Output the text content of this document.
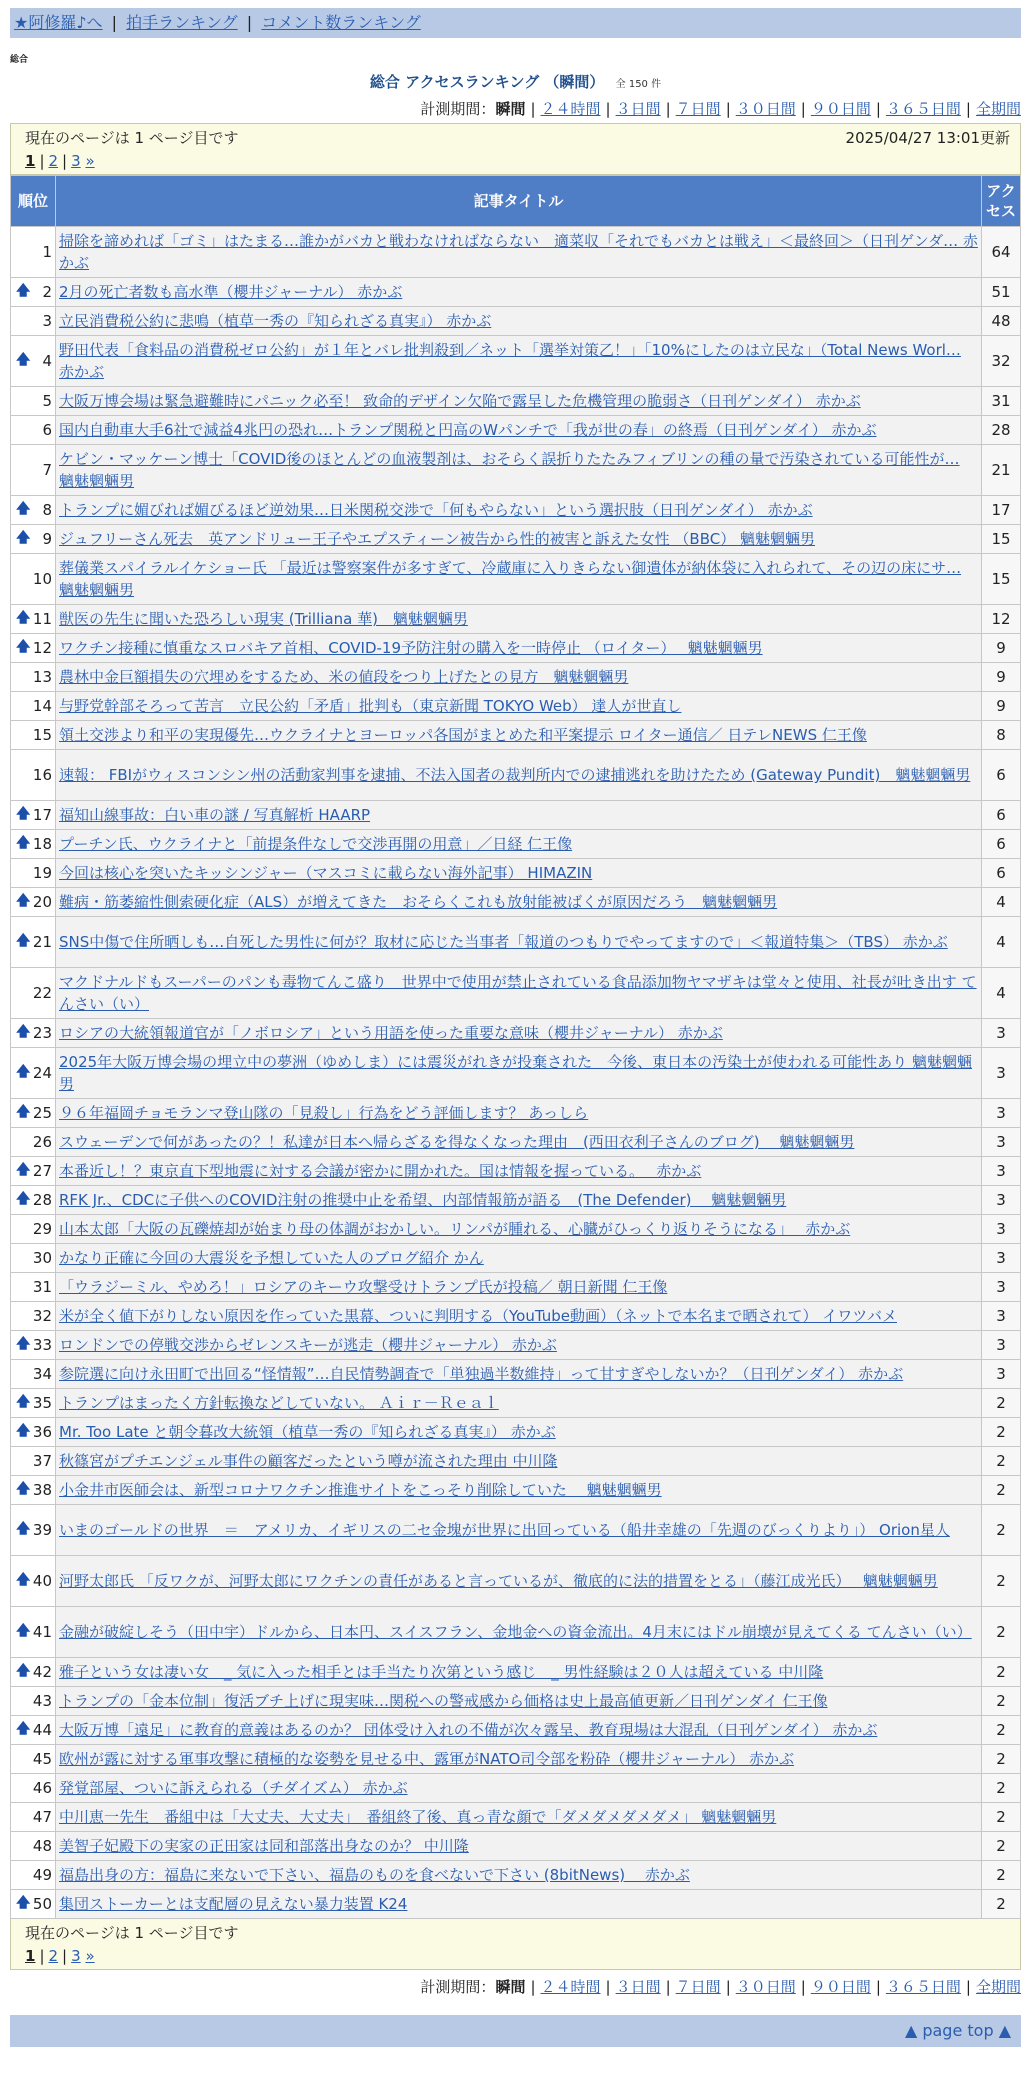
★阿修羅♪へ | 拍手ランキング | コメント数ランキング
総合
総合 アクセスランキング （瞬間） 全 150 件
計測期間：瞬間 | ２４時間 | ３日間 | ７日間 | ３０日間 | ９０日間 | ３６５日間 | 全期間
現在のページは 1 ページ目です	2025/04/27 13:01更新
1 | 2 | 3 »
順位	記事タイトル	アクセス
1	掃除を諦めれば「ゴミ」はたまる…誰かがバカと戦わなければならない　適菜収「それでもバカとは戦え」＜最終回＞（日刊ゲンダ… 赤かぶ	64

🡅 2	2月の死亡者数も高水準（櫻井ジャーナル） 赤かぶ	51
3	立民消費税公約に悲鳴（植草一秀の『知られざる真実』） 赤かぶ	48

🡅 4	野田代表「食料品の消費税ゼロ公約」が１年とバレ批判殺到／ネット「選挙対策乙！」「10%にしたのは立民な」（Total News Worl… 赤かぶ	32
5	大阪万博会場は緊急避難時にパニック必至！ 致命的デザイン欠陥で露呈した危機管理の脆弱さ（日刊ゲンダイ） 赤かぶ	31
6	国内自動車大手6社で減益4兆円の恐れ…トランプ関税と円高のWパンチで「我が世の春」の終焉（日刊ゲンダイ） 赤かぶ	28
7	ケビン・マッケーン博士「COVID後のほとんどの血液製剤は、おそらく誤折りたたみフィブリンの種の量で汚染されている可能性が… 魑魅魍魎男	21

🡅 8	トランプに媚びれば媚びるほど逆効果…日米関税交渉で「何もやらない」という選択肢（日刊ゲンダイ） 赤かぶ	17

🡅 9	ジュフリーさん死去　英アンドリュー王子やエプスティーン被告から性的被害と訴えた女性 （BBC） 魑魅魍魎男	15
10	葬儀業スパイラルイケショー氏 「最近は警察案件が多すぎて、冷蔵庫に入りきらない御遺体が納体袋に入れられて、その辺の床にサ… 魑魅魍魎男	15

🡅 11	獣医の先生に聞いた恐ろしい現実 (Trilliana 華)　魑魅魍魎男	12

🡅 12	ワクチン接種に慎重なスロバキア首相、COVID-19予防注射の購入を一時停止 （ロイター）　 魑魅魍魎男	9
13	農林中金巨額損失の穴埋めをするため、米の値段をつり上げたとの見方　魑魅魍魎男	9
14	与野党幹部そろって苦言　立民公約「矛盾」批判も（東京新聞 TOKYO Web） 達人が世直し	9
15	領土交渉より和平の実現優先…ウクライナとヨーロッパ各国がまとめた和平案提示 ロイター通信／ 日テレNEWS 仁王像	8
16	速報： FBIがウィスコンシン州の活動家判事を逮捕、不法入国者の裁判所内での逮捕逃れを助けたため (Gateway Pundit)　魑魅魍魎男	6

🡅 17	福知山線事故：白い車の謎 / 写真解析 HAARP	6

🡅 18	プーチン氏、ウクライナと「前提条件なしで交渉再開の用意」／日経 仁王像	6
19	今回は核心を突いたキッシンジャー（マスコミに載らない海外記事） HIMAZIN	6

🡅 20	難病・筋萎縮性側索硬化症（ALS）が増えてきた　おそらくこれも放射能被ばくが原因だろう　魑魅魍魎男	4

🡅 21	SNS中傷で住所晒しも…自死した男性に何が？取材に応じた当事者「報道のつもりでやってますので」＜報道特集＞（TBS） 赤かぶ	4
22	マクドナルドもスーパーのパンも毒物てんこ盛り　世界中で使用が禁止されている食品添加物ヤマザキは堂々と使用、社長が吐き出す てんさい（い）	4

🡅 23	ロシアの大統領報道官が「ノボロシア」という用語を使った重要な意味（櫻井ジャーナル） 赤かぶ	3

🡅 24	2025年大阪万博会場の埋立中の夢洲（ゆめしま）には震災がれきが投棄された　今後、東日本の汚染土が使われる可能性あり 魑魅魍魎男	3

🡅 25	９６年福岡チョモランマ登山隊の「見殺し」行為をどう評価します？ あっしら	3
26	スウェーデンで何があったの？！私達が日本へ帰らざるを得なくなった理由　(西田衣利子さんのブログ)　 魑魅魍魎男	3

🡅 27	本番近し！？東京直下型地震に対する会議が密かに開かれた。国は情報を握っている。　 赤かぶ	3

🡅 28	RFK Jr.、CDCに子供へのCOVID注射の推奨中止を希望、内部情報筋が語る　(The Defender)　 魑魅魍魎男	3
29	山本太郎「大阪の瓦礫焼却が始まり母の体調がおかしい。リンパが腫れる、心臓がひっくり返りそうになる」　 赤かぶ	3
30	かなり正確に今回の大震災を予想していた人のブログ紹介 かん	3
31	「ウラジーミル、やめろ！」ロシアのキーウ攻撃受けトランプ氏が投稿／ 朝日新聞 仁王像	3
32	米が全く値下がりしない原因を作っていた黒幕、ついに判明する（YouTube動画）（ネットで本名まで晒されて） イワツバメ	3

🡅 33	ロンドンでの停戦交渉からゼレンスキーが逃走（櫻井ジャーナル） 赤かぶ	3
34	参院選に向け永田町で出回る“怪情報”…自民情勢調査で「単独過半数維持」って甘すぎやしないか？（日刊ゲンダイ） 赤かぶ	3

🡅 35	トランプはまったく方針転換などしていない。 Ａｉｒ－Ｒｅａｌ	2

🡅 36	Mr. Too Late と朝令暮改大統領（植草一秀の『知られざる真実』） 赤かぶ	2
37	秋篠宮がプチエンジェル事件の顧客だったという噂が流された理由 中川隆	2

🡅 38	小金井市医師会は、新型コロナワクチン推進サイトをこっそり削除していた　 魑魅魍魎男	2

🡅 39	いまのゴールドの世界　＝　アメリカ、イギリスの二セ金塊が世界に出回っている（船井幸雄の「先週のびっくりより」） Orion星人	2

🡅 40	河野太郎氏 「反ワクが、河野太郎にワクチンの責任があると言っているが、徹底的に法的措置をとる」（藤江成光氏）　 魑魅魍魎男	2

🡅 41	金融が破綻しそう（田中宇）ドルから、日本円、スイスフラン、金地金への資金流出。4月末にはドル崩壊が見えてくる てんさい（い）	2

🡅 42	雅子という女は凄い女　_ 気に入った相手とは手当たり次第という感じ　_ 男性経験は２０人は超えている 中川隆	2
43	トランプの「金本位制」復活ブチ上げに現実味…関税への警戒感から価格は史上最高値更新／日刊ゲンダイ 仁王像	2

🡅 44	大阪万博「遠足」に教育的意義はあるのか？ 団体受け入れの不備が次々露呈、教育現場は大混乱（日刊ゲンダイ） 赤かぶ	2
45	欧州が露に対する軍事攻撃に積極的な姿勢を見せる中、露軍がNATO司令部を粉砕（櫻井ジャーナル） 赤かぶ	2
46	発覚部屋、ついに訴えられる（チダイズム） 赤かぶ	2
47	中川恵一先生　番組中は「大丈夫、大丈夫」　番組終了後、真っ青な顔で「ダメダメダメダメ」 魑魅魍魎男	2
48	美智子妃殿下の実家の正田家は同和部落出身なのか？ 中川隆	2
49	福島出身の方：福島に来ないで下さい、福島のものを食べないで下さい (8bitNews)　 赤かぶ	2

🡅 50	集団ストーカーとは支配層の見えない暴力装置 K24	2
現在のページは 1 ページ目です
1 | 2 | 3 »
計測期間：瞬間 | ２４時間 | ３日間 | ７日間 | ３０日間 | ９０日間 | ３６５日間 | 全期間
▲ page top ▲
